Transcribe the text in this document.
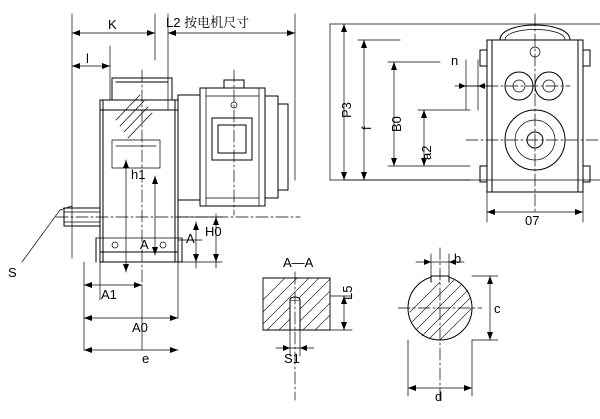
K	L2 按电机尺寸
l
h1
A	A H0
A1
A0
e
S
P3
f B0
a2
n
07
A—A
L5
S1
b
c
d
